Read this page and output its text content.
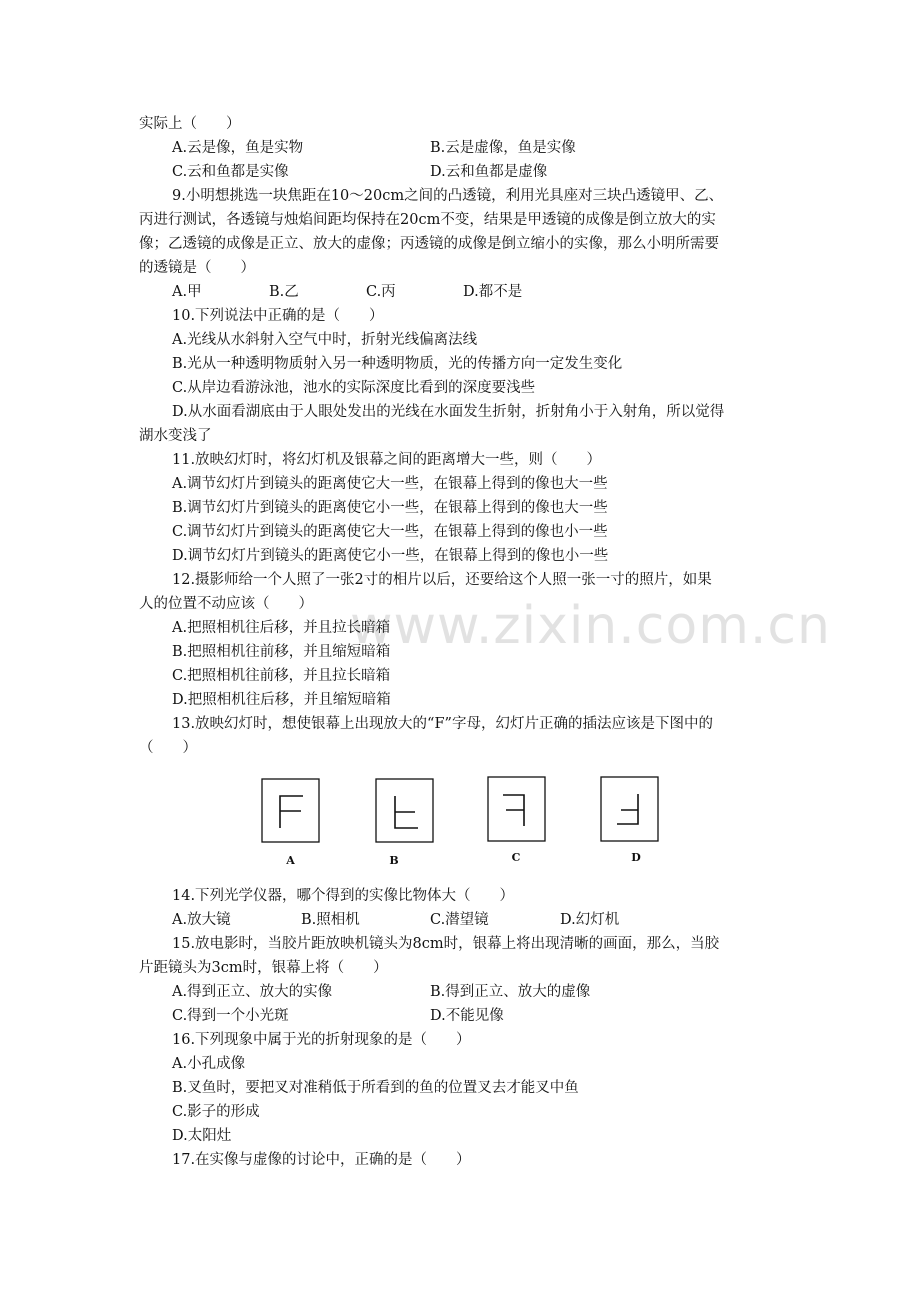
www.zixin.com.cn
实际上（　　）
A.云是像，鱼是实物	B.云是虚像，鱼是实像
C.云和鱼都是实像	D.云和鱼都是虚像
9.小明想挑选一块焦距在10～20cm之间的凸透镜，利用光具座对三块凸透镜甲、乙、
丙进行测试，各透镜与烛焰间距均保持在20cm不变，结果是甲透镜的成像是倒立放大的实
像；乙透镜的成像是正立、放大的虚像；丙透镜的成像是倒立缩小的实像，那么小明所需要
的透镜是（　　）
A.甲	B.乙	C.丙	D.都不是
10.下列说法中正确的是（　　）
A.光线从水斜射入空气中时，折射光线偏离法线
B.光从一种透明物质射入另一种透明物质，光的传播方向一定发生变化
C.从岸边看游泳池，池水的实际深度比看到的深度要浅些
D.从水面看湖底由于人眼处发出的光线在水面发生折射，折射角小于入射角，所以觉得
湖水变浅了
11.放映幻灯时，将幻灯机及银幕之间的距离增大一些，则（　　）
A.调节幻灯片到镜头的距离使它大一些，在银幕上得到的像也大一些
B.调节幻灯片到镜头的距离使它小一些，在银幕上得到的像也大一些
C.调节幻灯片到镜头的距离使它大一些，在银幕上得到的像也小一些
D.调节幻灯片到镜头的距离使它小一些，在银幕上得到的像也小一些
12.摄影师给一个人照了一张2寸的相片以后，还要给这个人照一张一寸的照片，如果
人的位置不动应该（　　）
A.把照相机往后移，并且拉长暗箱
B.把照相机往前移，并且缩短暗箱
C.把照相机往前移，并且拉长暗箱
D.把照相机往后移，并且缩短暗箱
13.放映幻灯时，想使银幕上出现放大的“F”字母，幻灯片正确的插法应该是下图中的
（　　）
A	B	C	D
14.下列光学仪器，哪个得到的实像比物体大（　　）
A.放大镜	B.照相机	C.潜望镜	D.幻灯机
15.放电影时，当胶片距放映机镜头为8cm时，银幕上将出现清晰的画面，那么，当胶
片距镜头为3cm时，银幕上将（　　）
A.得到正立、放大的实像	B.得到正立、放大的虚像
C.得到一个小光斑	D.不能见像
16.下列现象中属于光的折射现象的是（　　）
A.小孔成像
B.叉鱼时，要把叉对准稍低于所看到的鱼的位置叉去才能叉中鱼
C.影子的形成
D.太阳灶
17.在实像与虚像的讨论中，正确的是（　　）
